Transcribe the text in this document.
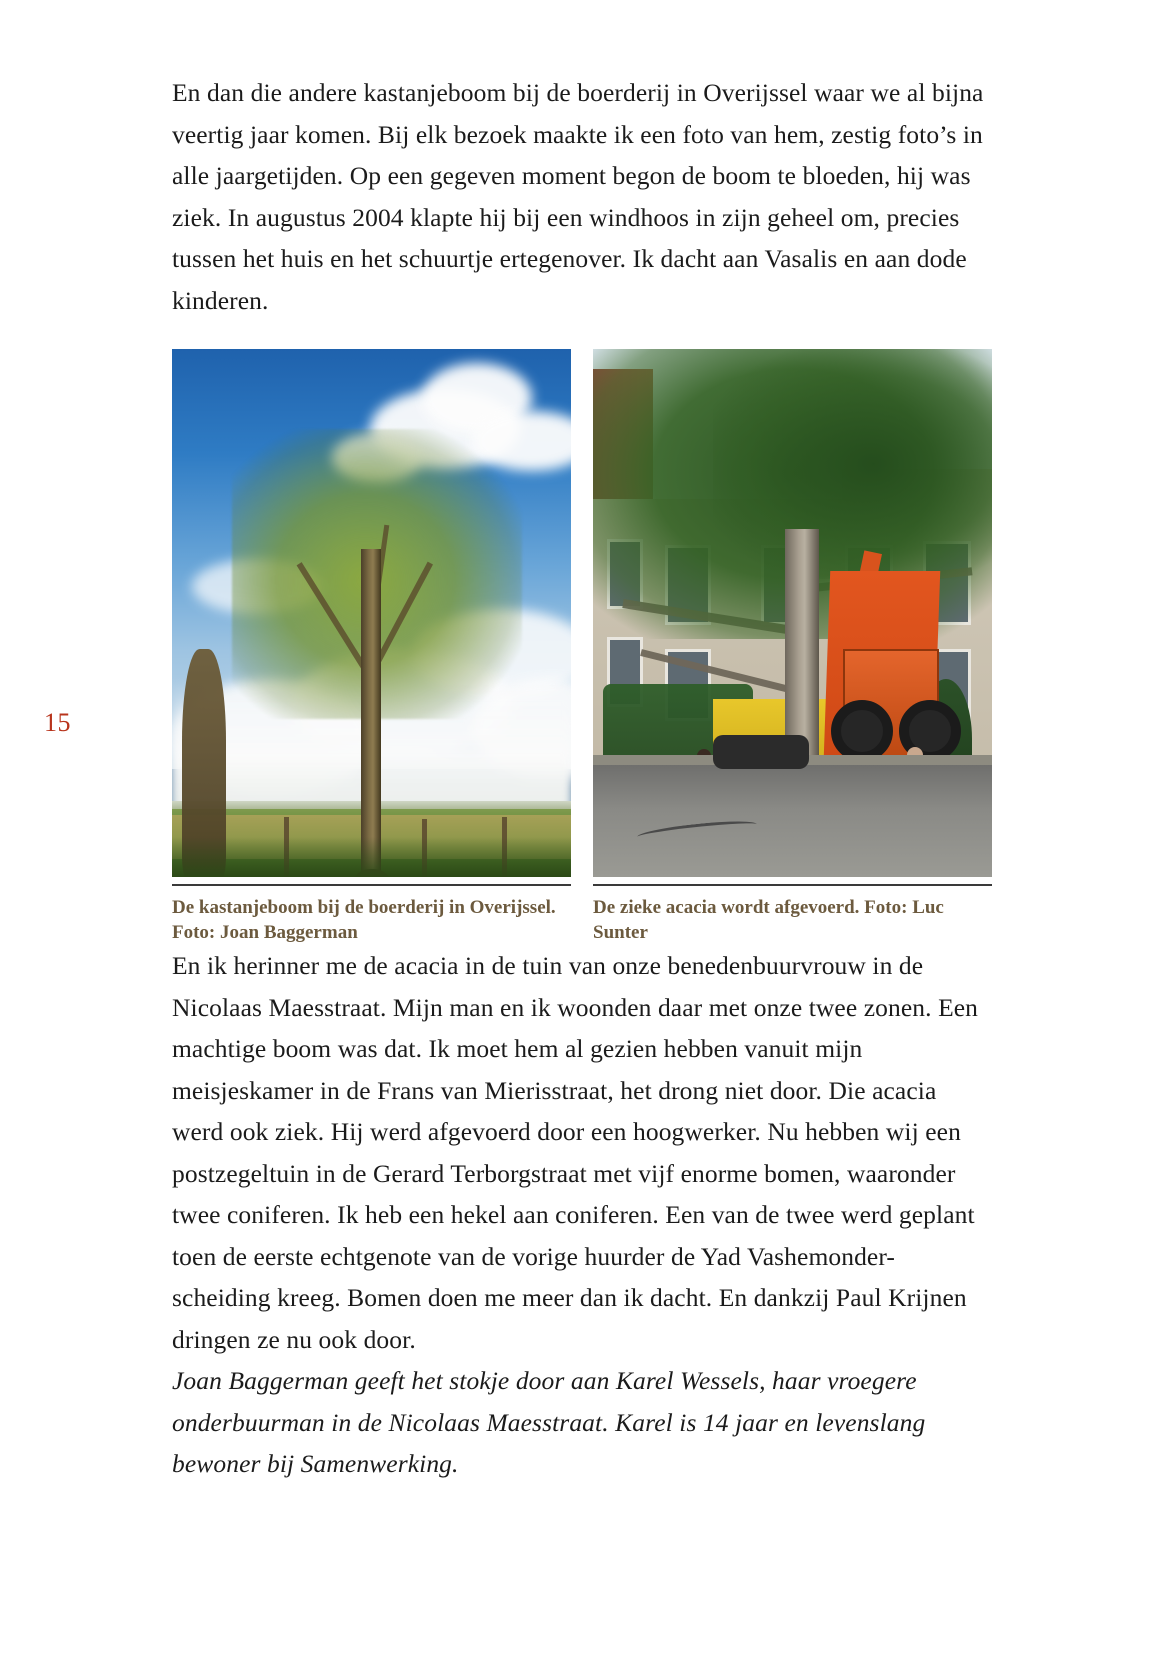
15

En dan die andere kastanjeboom bij de boerderij in Overijssel waar we al bijna veertig jaar komen. Bij elk bezoek maakte ik een foto van hem, zestig foto’s in alle jaargetijden. Op een gegeven moment begon de boom te bloeden, hij was ziek. In augustus 2004 klapte hij bij een windhoos in zijn geheel om, precies tussen het huis en het schuurtje ertegenover. Ik dacht aan Vasalis en aan dode kinderen.

De kastanjeboom bij de boerderij in Overijssel. Foto: Joan Baggerman
De zieke acacia wordt afgevoerd. Foto: Luc Sunter

En ik herinner me de acacia in de tuin van onze benedenbuurvrouw in de Nicolaas Maesstraat. Mijn man en ik woonden daar met onze twee zonen. Een machtige boom was dat. Ik moet hem al gezien hebben vanuit mijn meisjeskamer in de Frans van Mierisstraat, het drong niet door. Die acacia werd ook ziek. Hij werd afgevoerd door een hoogwerker. Nu hebben wij een postzegeltuin in de Gerard Terborgstraat met vijf enorme bomen, waaronder twee coniferen. Ik heb een hekel aan coniferen. Een van de twee werd geplant toen de eerste echtgenote van de vorige huurder de Yad Vashemonder-scheiding kreeg. Bomen doen me meer dan ik dacht. En dankzij Paul Krijnen dringen ze nu ook door.

Joan Baggerman geeft het stokje door aan Karel Wessels, haar vroegere onderbuurman in de Nicolaas Maesstraat. Karel is 14 jaar en levenslang bewoner bij Samenwerking.
